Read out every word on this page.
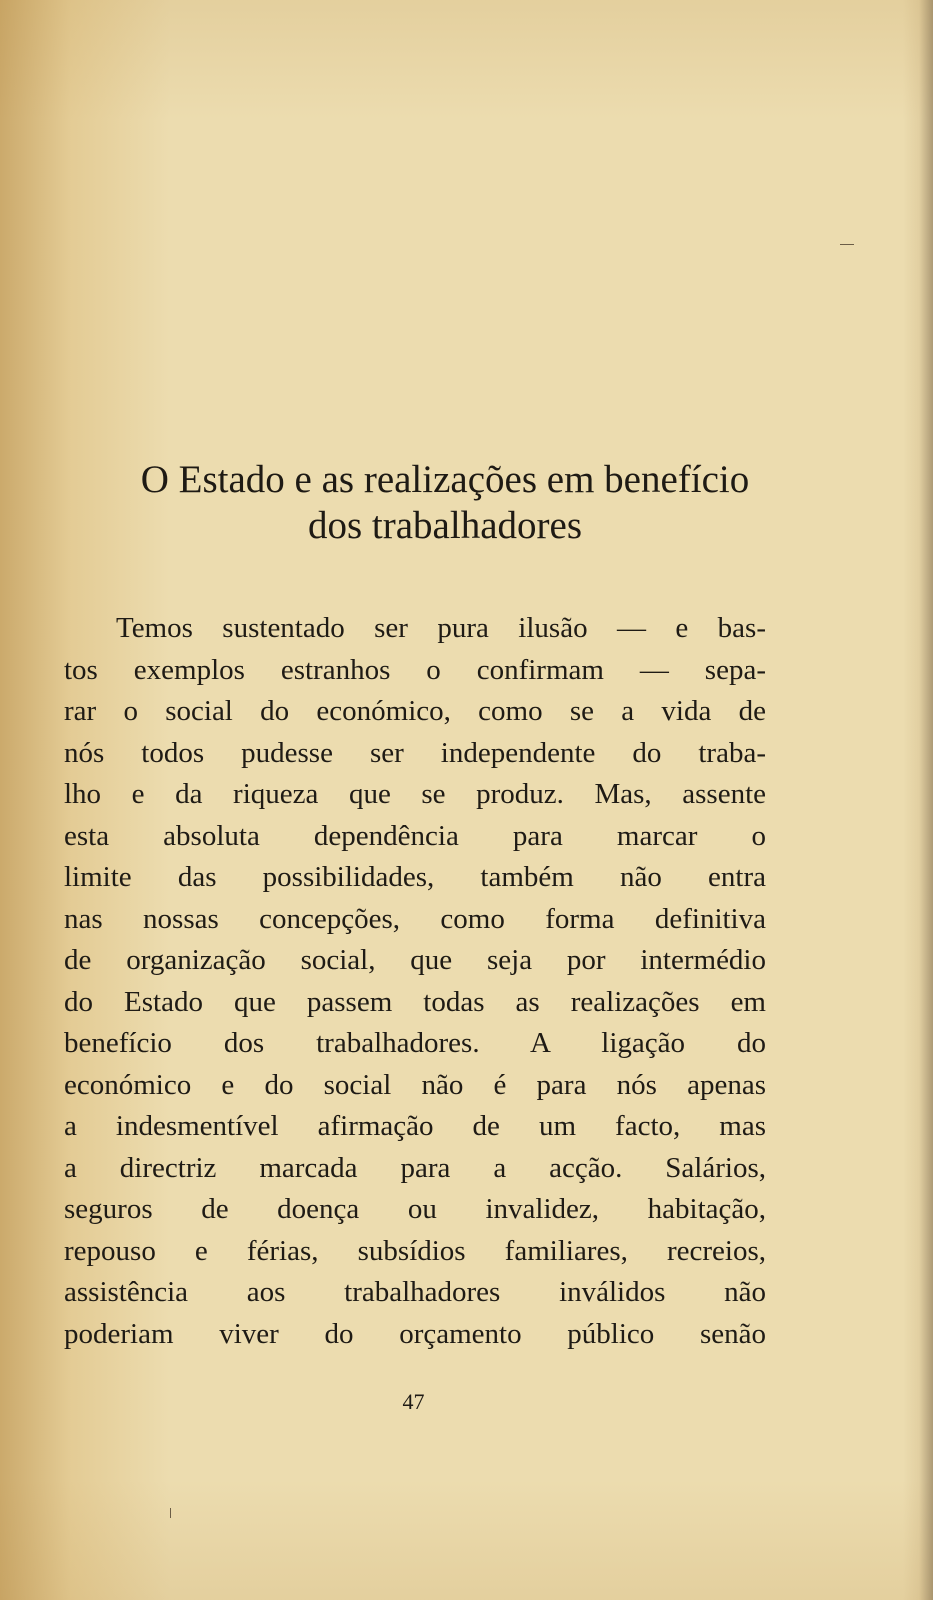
O Estado e as realizações em benefício
dos trabalhadores
Temos sustentado ser pura ilusão — e bas-
tos exemplos estranhos o confirmam — sepa-
rar o social do económico, como se a vida de
nós todos pudesse ser independente do traba-
lho e da riqueza que se produz. Mas, assente
esta absoluta dependência para marcar o
limite das possibilidades, também não entra
nas nossas concepções, como forma definitiva
de organização social, que seja por intermédio
do Estado que passem todas as realizações em
benefício dos trabalhadores. A ligação do
económico e do social não é para nós apenas
a indesmentível afirmação de um facto, mas
a directriz marcada para a acção. Salários,
seguros de doença ou invalidez, habitação,
repouso e férias, subsídios familiares, recreios,
assistência aos trabalhadores inválidos não
poderiam viver do orçamento público senão
47
